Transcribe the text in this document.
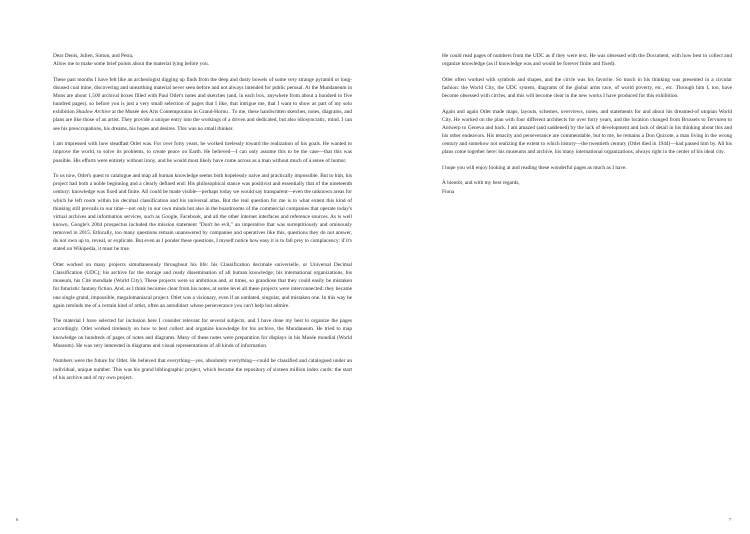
Dear Denis, Julien, Simon, and Petra,

Allow me to make some brief points about the material lying before you.

These past months I have felt like an archeologist digging up finds from the deep and dusty bowels of some very strange pyramid or long-disused coal mine, discovering and unearthing material never seen before and not always intended for public perusal. At the Mundaneum in Mons are about 1,500 archival boxes filled with Paul Otlet's notes and sketches (and, in each box, anywhere from about a hundred to five hundred pages), so before you is just a very small selection of pages that I like, that intrigue me, that I want to show as part of my solo exhibition Shadow Archive at the Musée des Arts Contemporains in Grand-Hornu . To me, these handwritten sketches, notes, diagrams, and plans are like those of an artist. They provide a unique entry into the workings of a driven and dedicated, but also idiosyncratic, mind. I can see his preoccupations, his dreams, his hopes and desires. This was no small thinker.

I am impressed with how steadfast Otlet was. For over forty years, he worked tirelessly toward the realization of his goals. He wanted to improve the world, to solve its problems, to create peace on Earth. He believed—I can only assume this to be the case—that this was possible. His efforts were entirely without irony, and he would most likely have come across as a man without much of a sense of humor.

To us now, Otlet's quest to catalogue and map all human knowledge seems both hopelessly naive and practically impossible. But to him, his project had both a noble beginning and a clearly defined end: His philosophical stance was positivist and essentially that of the nineteenth century: knowledge was fixed and finite. All could be made visible—perhaps today we would say transparent—even the unknown areas for which he left room within his decimal classification and his universal atlas. But the real question for me is to what extent this kind of thinking still prevails in our time—not only in our own minds but also in the boardrooms of the commercial companies that operate today's virtual archives and information services, such as Google, Facebook, and all the other internet interfaces and reference sources. As is well known, Google's 2004 prospectus included the mission statement "Don't be evil," an imperative that was surreptitiously and ominously removed in 2015. Ethically, too many questions remain unanswered by companies and operatives like this, questions they do not answer, do not own up to, reveal, or explicate. But even as I ponder these questions, I myself notice how easy it is to fall prey to complacency: if it's stated on Wikipedia, it must be true.

Otlet worked on many projects simultaneously throughout his life: his Classification decimale universelle, or Universal Decimal Classification (UDC); his archive for the storage and ready dissemination of all human knowledge; his international organizations, his museum, his Cité mondiale (World City). These projects were so ambitious and, at times, so grandiose that they could easily be mistaken for futuristic fantasy fiction. And, as I think becomes clear from his notes, at some level all these projects were interconnected: they became one single grand, impossible, megalomaniacal project. Otlet was a visionary, even if an outdated, singular, and mistaken one. In this way he again reminds me of a certain kind of artist, often an autodidact whose perseverance you can't help but admire.

The material I have selected for inclusion here I consider relevant for several subjects, and I have done my best to organize the pages accordingly. Otlet worked tirelessly on how to best collect and organize knowledge for his archive, the Mundaneum. He tried to map knowledge on hundreds of pages of notes and diagrams. Many of these notes were preparation for displays in his Musée mondial (World Museum). He was very interested in diagrams and visual representations of all kinds of information.

Numbers were the future for Otlet. He believed that everything—yes, absolutely everything—could be classified and catalogued under an individual, unique number. This was his grand bibliographic project, which became the repository of sixteen million index cards: the start of his archive and of my own project.

He could read pages of numbers from the UDC as if they were text. He was obsessed with the Document, with how best to collect and organize knowledge (as if knowledge was and would be forever finite and fixed).

Otlet often worked with symbols and shapes, and the circle was his favorite. So much in his thinking was presented in a circular fashion: the World City, the UDC system, diagrams of the global arms race, of world poverty, etc., etc. Through him I, too, have become obsessed with circles, and this will become clear in the new works I have produced for this exhibition.

Again and again Otlet made maps, layouts, schemes, overviews, notes, and statements for and about his dreamed-of utopian World City. He worked on the plan with four different architects for over forty years, and the location changed from Brussels to Tervuren to Antwerp to Geneva and back. I am amazed (and saddened) by the lack of development and lack of detail in his thinking about this and his other endeavors. His tenacity and perseverance are commendable, but to me, he remains a Don Quixote, a man living in the wrong century and somehow not realizing the extent to which history—the twentieth century (Otlet died in 1944)—had passed him by. All his plans come together here: his museums and archive, his many international organizations, always right in the center of his ideal city.

I hope you will enjoy looking at and reading these wonderful pages as much as I have.

À bientôt, and with my best regards,

Fiona

6	7
